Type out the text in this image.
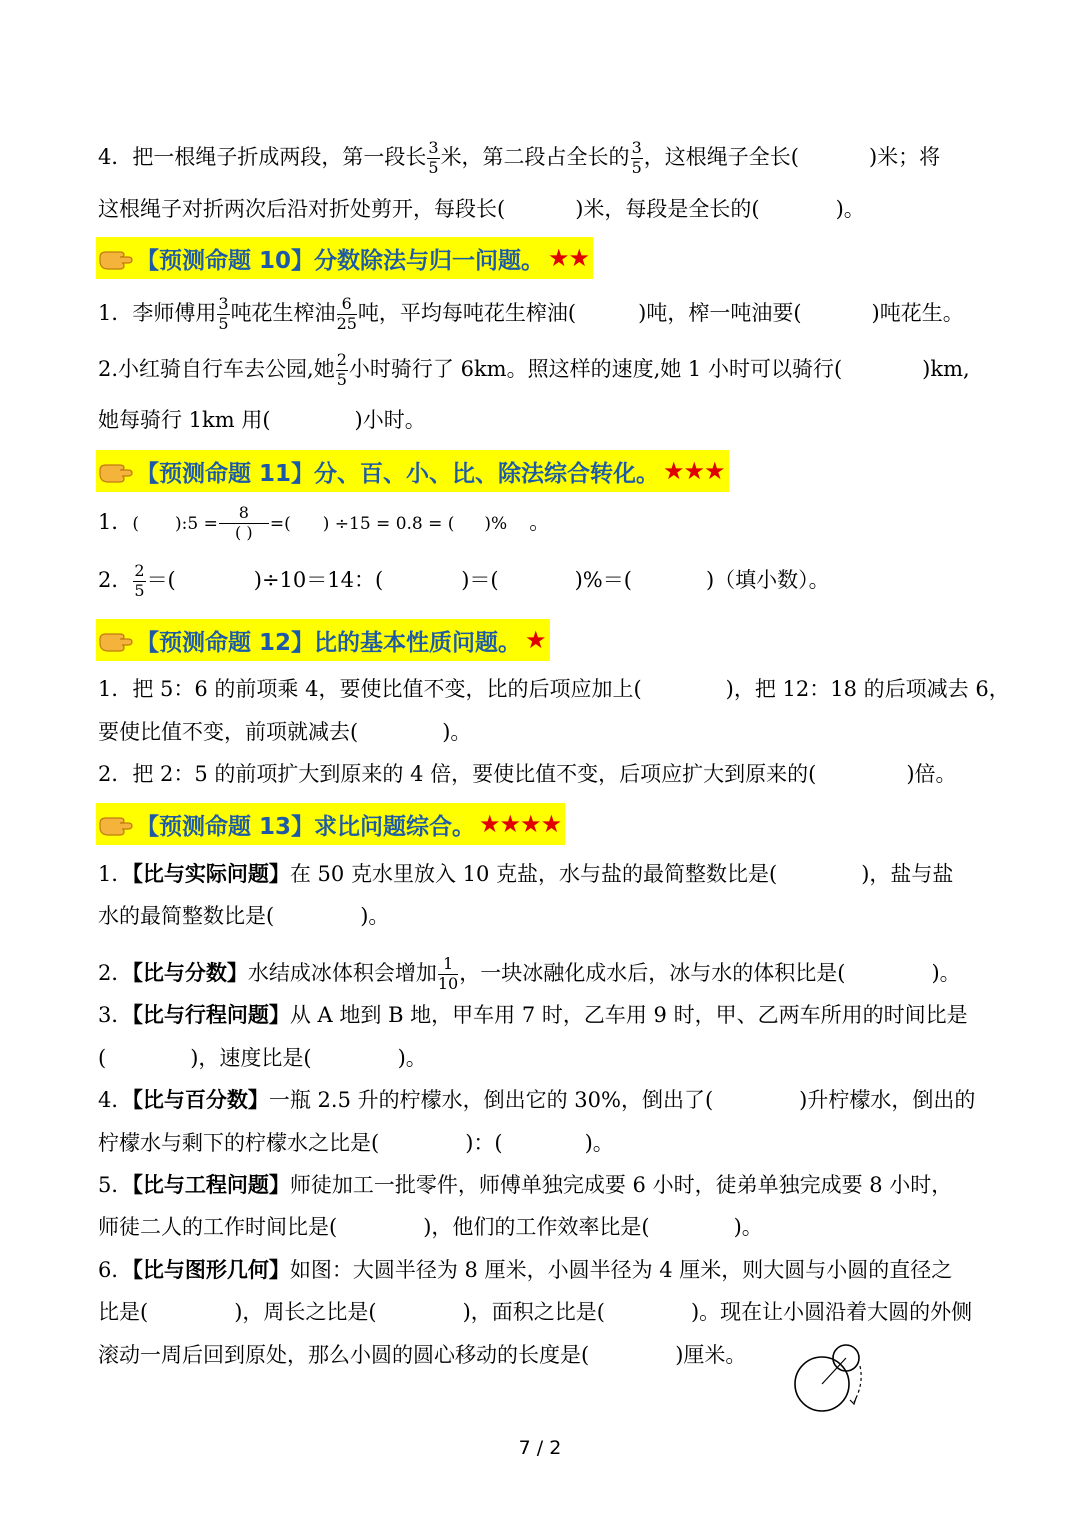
4．把一根绳子折成两段，第一段长 $\frac{3}{5}$ 米，第二段占全长的 $\frac{3}{5}$ ，这根绳子全长(	)米；将
这根绳子对折两次后沿对折处剪开，每段长(	)米，每段是全长的(	)。
【预测命题 10】分数除法与归一问题。 ★★
1．李师傅用 $\frac{3}{5}$ 吨花生榨油 $\frac{6}{25}$ 吨，平均每吨花生榨油(	)吨，榨一吨油要(	)吨花生。
2.小红骑自行车去公园,她 $\frac{2}{5}$ 小时骑行了 6km。照这样的速度,她 1 小时可以骑行(	)km,
她每骑行 1km 用(	)小时。
【预测命题 11】分、百、小、比、除法综合转化。 ★★★
1．( ):5 = $\frac{8}{( )}$ =( ) ÷15 = 0.8 = ( )% 。
2． $\frac{2}{5}$ ＝(	)÷10＝14：(	)＝(	)%＝(	)（填小数）。
【预测命题 12】比的基本性质问题。 ★
1．把 5：6 的前项乘 4，要使比值不变，比的后项应加上(	)，把 12：18 的后项减去 6，
要使比值不变，前项就减去(	)。
2．把 2：5 的前项扩大到原来的 4 倍，要使比值不变，后项应扩大到原来的(	)倍。
【预测命题 13】求比问题综合。 ★★★★
1．【比与实际问题】在 50 克水里放入 10 克盐，水与盐的最简整数比是(	)，盐与盐
水的最简整数比是(	)。
2．【比与分数】水结成冰体积会增加 $\frac{1}{10}$ ，一块冰融化成水后，冰与水的体积比是(	)。
3．【比与行程问题】从 A 地到 B 地，甲车用 7 时，乙车用 9 时，甲、乙两车所用的时间比是
(	)，速度比是(	)。
4．【比与百分数】一瓶 2.5 升的柠檬水，倒出它的 30%，倒出了(	)升柠檬水，倒出的
柠檬水与剩下的柠檬水之比是(	)：(	)。
5．【比与工程问题】师徒加工一批零件，师傅单独完成要 6 小时，徒弟单独完成要 8 小时，
师徒二人的工作时间比是(	)，他们的工作效率比是(	)。
6．【比与图形几何】如图：大圆半径为 8 厘米，小圆半径为 4 厘米，则大圆与小圆的直径之
比是(	)，周长之比是(	)，面积之比是(	)。现在让小圆沿着大圆的外侧
滚动一周后回到原处，那么小圆的圆心移动的长度是(	)厘米。
7 / 2
